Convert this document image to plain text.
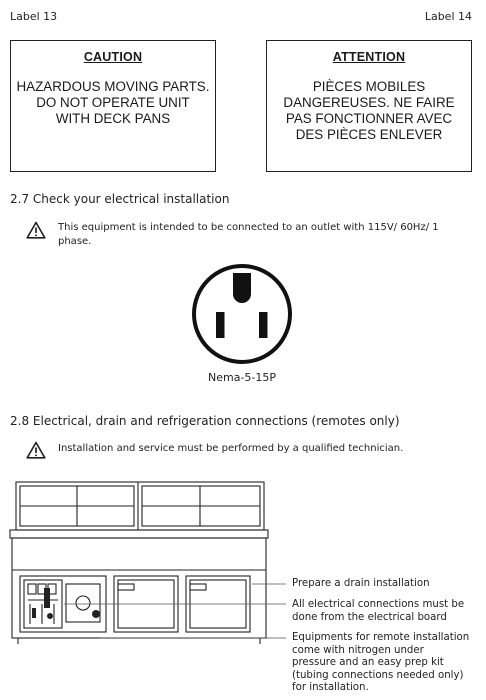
Label 13	Label 14
CAUTION
HAZARDOUS MOVING PARTS.
DO NOT OPERATE UNIT
WITH DECK PANS
ATTENTION
PIÈCES MOBILES
DANGEREUSES. NE FAIRE
PAS FONCTIONNER AVEC
DES PIÈCES ENLEVER
2.7 Check your electrical installation
This equipment is intended to be connected to an outlet with 115V/ 60Hz/ 1
phase.
Nema-5-15P
2.8 Electrical, drain and refrigeration connections (remotes only)
Installation and service must be performed by a qualified technician.
Prepare a drain installation
All electrical connections must be
done from the electrical board
Equipments for remote installation
come with nitrogen under
pressure and an easy prep kit
(tubing connections needed only)
for installation.
